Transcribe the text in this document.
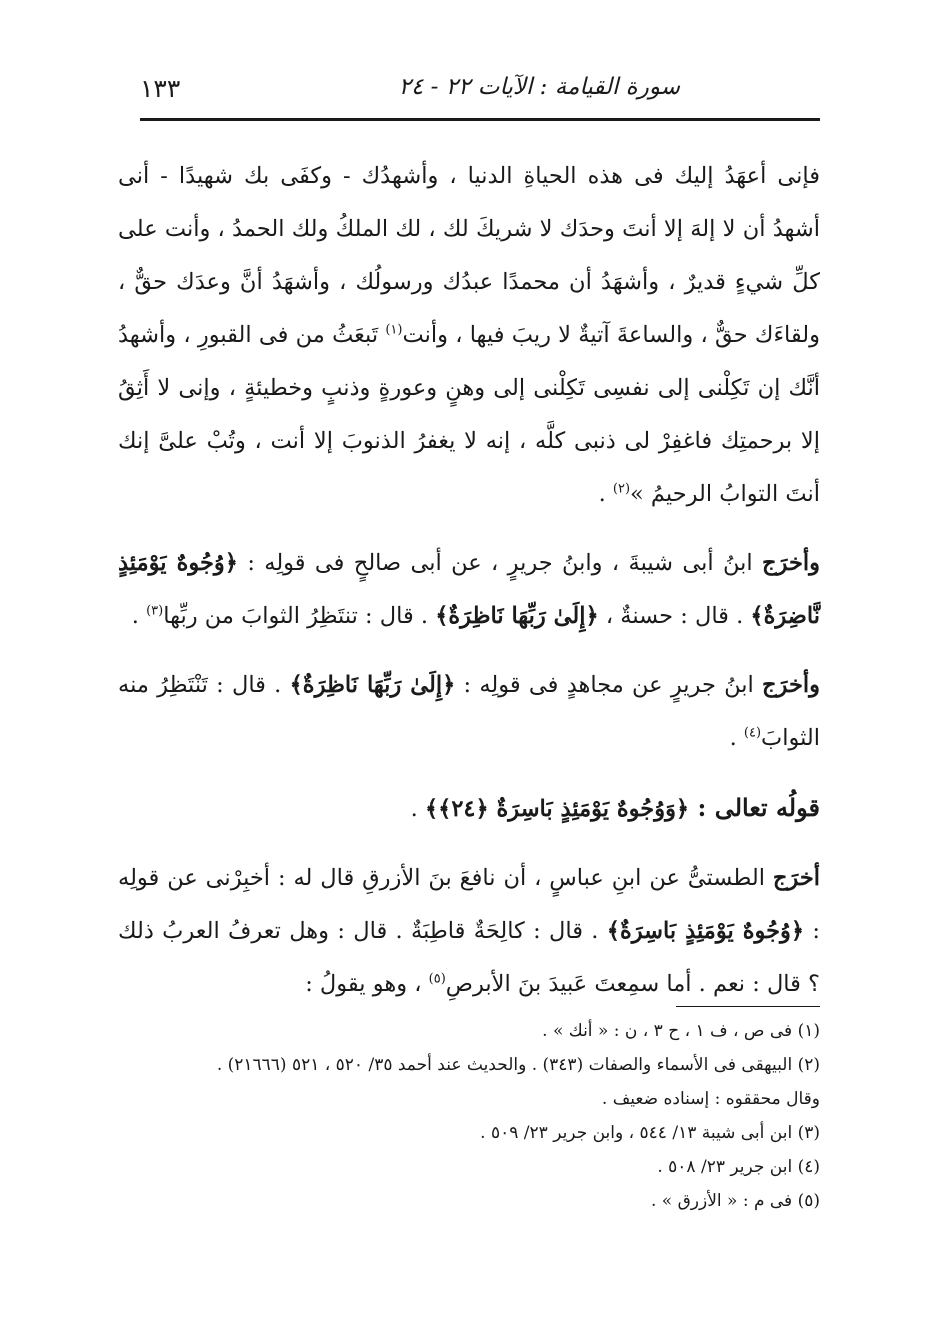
سورة القيامة : الآيات ٢٢ - ٢٤
١٣٣

فإنى أعهَدُ إليك فى هذه الحياةِ الدنيا ، وأشهدُك - وكفَى بك شهيدًا - أنى أشهدُ أن لا إلهَ إلا أنتَ وحدَك لا شريكَ لك ، لك الملكُ ولك الحمدُ ، وأنت على كلِّ شيءٍ قديرٌ ، وأشهَدُ أن محمدًا عبدُك ورسولُك ، وأشهَدُ أنَّ وعدَك حقٌّ ، ولقاءَك حقٌّ ، والساعةَ آتيةٌ لا ريبَ فيها ، وأنت$^{(١)}$ تَبعَثُ من فى القبورِ ، وأشهدُ أنَّك إن تَكِلْنى إلى نفسِى تَكِلْنى إلى وهنٍ وعورةٍ وذنبٍ وخطيئةٍ ، وإنى لا أَثِقُ إلا برحمتِك فاغفِرْ لى ذنبى كلَّه ، إنه لا يغفرُ الذنوبَ إلا أنت ، وتُبْ علىَّ إنك أنتَ التوابُ الرحيمُ »$^{(٢)}$ .

وأخرَج ابنُ أبى شيبةَ ، وابنُ جريرٍ ، عن أبى صالحٍ فى قولِه : ﴿وُجُوهٌ يَوْمَئِذٍ نَّاضِرَةٌ﴾ . قال : حسنةٌ ، ﴿إِلَىٰ رَبِّهَا نَاظِرَةٌ﴾ . قال : تنتَظِرُ الثوابَ من ربِّها$^{(٣)}$ .

وأخرَج ابنُ جريرٍ عن مجاهدٍ فى قولِه : ﴿إِلَىٰ رَبِّهَا نَاظِرَةٌ﴾ . قال : تَنْتَظِرُ منه الثوابَ$^{(٤)}$ .

قولُه تعالى : ﴿وَوُجُوهٌ يَوْمَئِذٍ بَاسِرَةٌ ﴿٢٤﴾﴾ .

أخرَج الطستىُّ عن ابنِ عباسٍ ، أن نافعَ بنَ الأزرقِ قال له : أخبِرْنى عن قولِه : ﴿وُجُوهٌ يَوْمَئِذٍ بَاسِرَةٌ﴾ . قال : كالِحَةٌ قاطِبَةٌ . قال : وهل تعرفُ العربُ ذلك ؟ قال : نعم . أما سمِعتَ عَبيدَ بنَ الأبرصِ$^{(٥)}$ ، وهو يقولُ :

(١) فى ص ، ف ١ ، ح ٣ ، ن : « أنك » .

(٢) البيهقى فى الأسماء والصفات (٣٤٣) . والحديث عند أحمد ٣٥/ ٥٢٠ ، ٥٢١ (٢١٦٦٦) .

وقال محققوه : إسناده ضعيف .

(٣) ابن أبى شيبة ١٣/ ٥٤٤ ، وابن جرير ٢٣/ ٥٠٩ .

(٤) ابن جرير ٢٣/ ٥٠٨ .

(٥) فى م : « الأزرق » .
